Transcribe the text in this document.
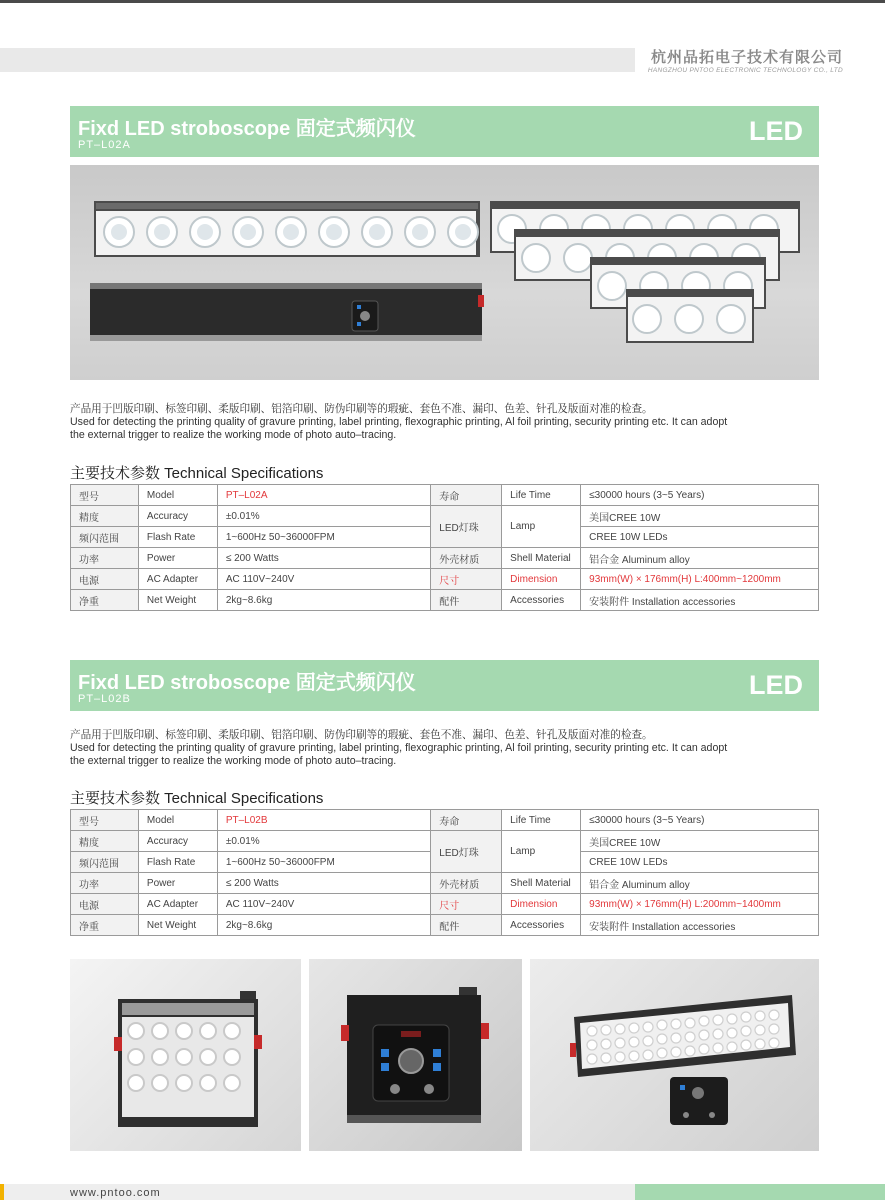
杭州品拓电子技术有限公司
HANGZHOU PNTOO ELECTRONIC TECHNOLOGY CO., LTD
Fixd LED stroboscope 固定式频闪仪
PT–L02A	LED
产品用于凹版印刷、标签印刷、柔版印刷、铝箔印刷、防伪印刷等的瑕疵、套色不准、漏印、色差、针孔及版面对准的检查。
Used for detecting the printing quality of gravure printing, label printing, flexographic printing, Al foil printing, security printing etc. It can adopt
the external trigger to realize the working mode of photo auto–tracing.
主要技术参数 Technical Specifications
型号	Model	PT–L02A	寿命	Life Time	≤30000 hours (3~5 Years)
精度	Accuracy	±0.01%	LED灯珠	Lamp	美国CREE 10W
频闪范围	Flash Rate	1~600Hz 50~36000FPM			CREE 10W LEDs
功率	Power	≤ 200 Watts	外壳材质	Shell Material	铝合金 Aluminum alloy
电源	AC Adapter	AC 110V~240V	尺寸	Dimension	93mm(W) × 176mm(H) L:400mm~1200mm
净重	Net Weight	2kg~8.6kg	配件	Accessories	安装附件 Installation accessories
Fixd LED stroboscope 固定式频闪仪
PT–L02B	LED
产品用于凹版印刷、标签印刷、柔版印刷、铝箔印刷、防伪印刷等的瑕疵、套色不准、漏印、色差、针孔及版面对准的检查。
Used for detecting the printing quality of gravure printing, label printing, flexographic printing, Al foil printing, security printing etc. It can adopt
the external trigger to realize the working mode of photo auto–tracing.
主要技术参数 Technical Specifications
型号	Model	PT–L02B	寿命	Life Time	≤30000 hours (3~5 Years)
精度	Accuracy	±0.01%	LED灯珠	Lamp	美国CREE 10W
频闪范围	Flash Rate	1~600Hz 50~36000FPM			CREE 10W LEDs
功率	Power	≤ 200 Watts	外壳材质	Shell Material	铝合金 Aluminum alloy
电源	AC Adapter	AC 110V~240V	尺寸	Dimension	93mm(W) × 176mm(H) L:200mm~1400mm
净重	Net Weight	2kg~8.6kg	配件	Accessories	安装附件 Installation accessories
www.pntoo.com
